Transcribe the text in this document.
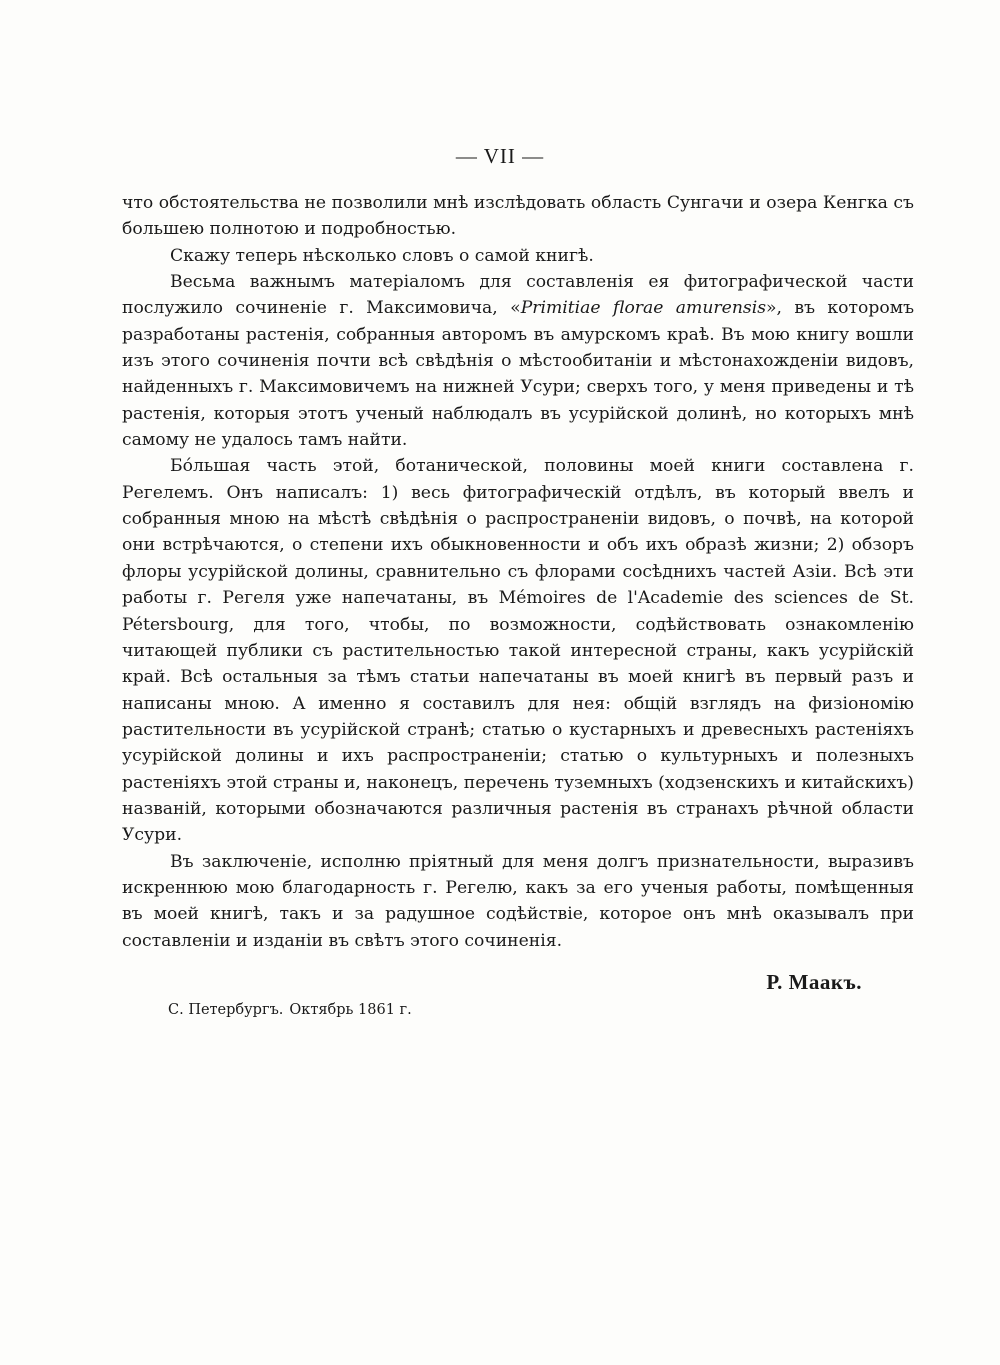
— VII —

что обстоятельства не позволили мнѣ изслѣдовать область Сунгачи и озера Кенгка съ большею полнотою и подробностью.

Скажу теперь нѣсколько словъ о самой книгѣ.

Весьма важнымъ матеріаломъ для составленія ея фитографической части послужило сочиненіе г. Максимовича, «Primitiae florae amurensis», въ которомъ разработаны растенія, собранныя авторомъ въ амурскомъ краѣ. Въ мою книгу вошли изъ этого сочиненія почти всѣ свѣдѣнія о мѣстообитаніи и мѣстонахожденіи видовъ, найденныхъ г. Максимовичемъ на нижней Усури; сверхъ того, у меня приведены и тѣ растенія, которыя этотъ ученый наблюдалъ въ усурійской долинѣ, но которыхъ мнѣ самому не удалось тамъ найти.

Бо́льшая часть этой, ботанической, половины моей книги составлена г. Регелемъ. Онъ написалъ: 1) весь фитографическій отдѣлъ, въ который ввелъ и собранныя мною на мѣстѣ свѣдѣнія о распространеніи видовъ, о почвѣ, на которой они встрѣчаются, о степени ихъ обыкновенности и объ ихъ образѣ жизни; 2) обзоръ флоры усурійской долины, сравнительно съ флорами сосѣднихъ частей Азіи. Всѣ эти работы г. Регеля уже напечатаны, въ Mémoires de l'Academie des sciences de St. Pétersbourg, для того, чтобы, по возможности, содѣйствовать ознакомленію читающей публики съ растительностью такой интересной страны, какъ усурійскій край. Всѣ остальныя за тѣмъ статьи напечатаны въ моей книгѣ въ первый разъ и написаны мною. А именно я составилъ для нея: общій взглядъ на физіономію растительности въ усурійской странѣ; статью о кустарныхъ и древесныхъ растеніяхъ усурійской долины и ихъ распространеніи; статью о культурныхъ и полезныхъ растеніяхъ этой страны и, наконецъ, перечень туземныхъ (ходзенскихъ и китайскихъ) названій, которыми обозначаются различныя растенія въ странахъ рѣчной области Усури.

Въ заключеніе, исполню пріятный для меня долгъ признательности, выразивъ искреннюю мою благодарность г. Регелю, какъ за его ученыя работы, помѣщенныя въ моей книгѣ, такъ и за радушное содѣйствіе, которое онъ мнѣ оказывалъ при составленіи и изданіи въ свѣтъ этого сочиненія.

Р. Маакъ.
С. Петербургъ. Октябрь 1861 г.
